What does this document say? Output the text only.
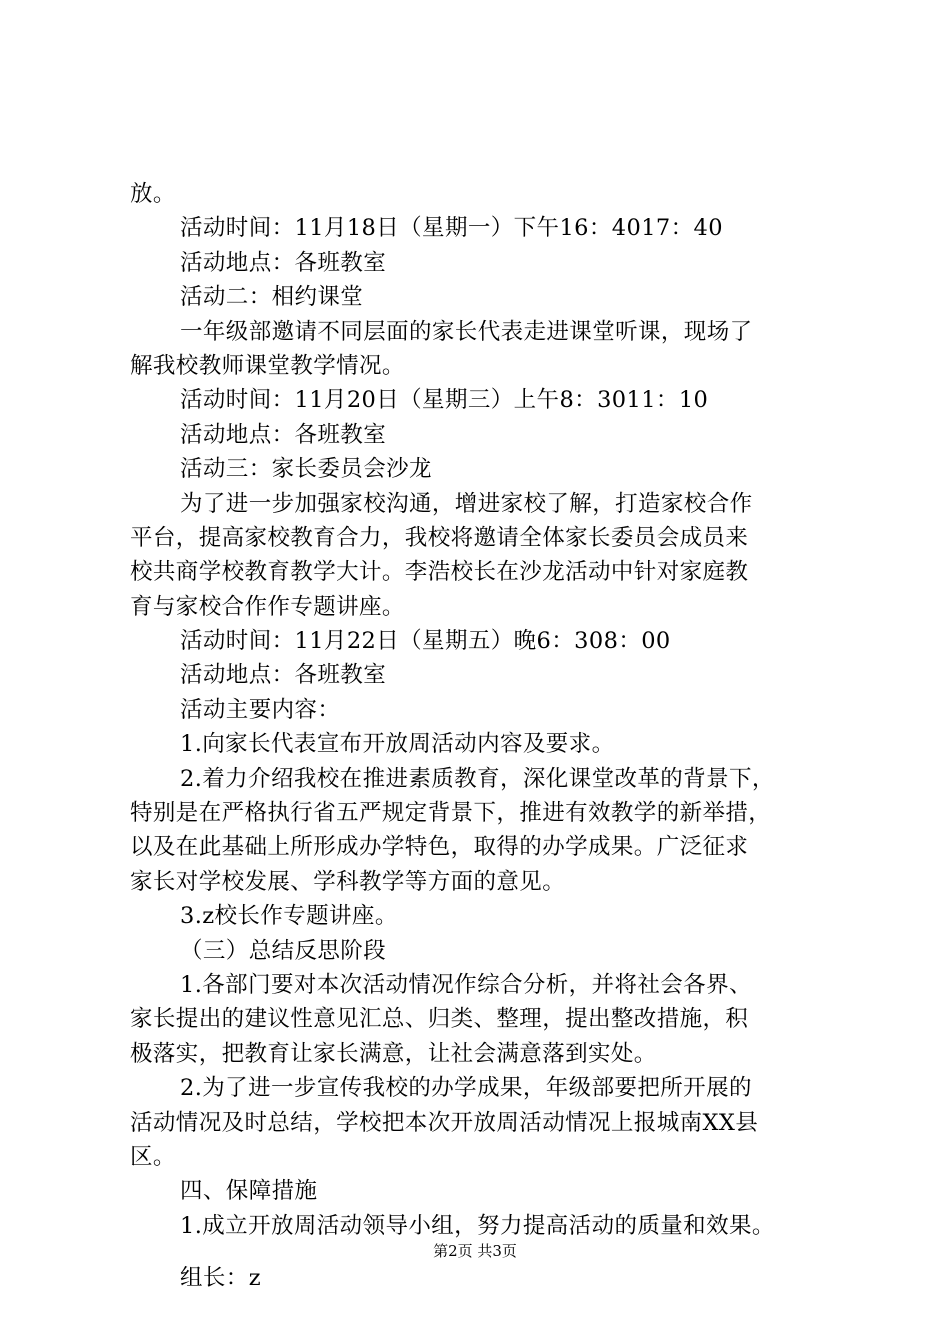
放。
活动时间：11月18日（星期一）下午16：4017：40
活动地点：各班教室
活动二：相约课堂
一年级部邀请不同层面的家长代表走进课堂听课，现场了
解我校教师课堂教学情况。
活动时间：11月20日（星期三）上午8：3011：10
活动地点：各班教室
活动三：家长委员会沙龙
为了进一步加强家校沟通，增进家校了解，打造家校合作
平台，提高家校教育合力，我校将邀请全体家长委员会成员来
校共商学校教育教学大计。李浩校长在沙龙活动中针对家庭教
育与家校合作作专题讲座。
活动时间：11月22日（星期五）晚6：308：00
活动地点：各班教室
活动主要内容：
1.向家长代表宣布开放周活动内容及要求。
2.着力介绍我校在推进素质教育，深化课堂改革的背景下，
特别是在严格执行省五严规定背景下，推进有效教学的新举措，
以及在此基础上所形成办学特色，取得的办学成果。广泛征求
家长对学校发展、学科教学等方面的意见。
3.z校长作专题讲座。
（三）总结反思阶段
1.各部门要对本次活动情况作综合分析，并将社会各界、
家长提出的建议性意见汇总、归类、整理，提出整改措施，积
极落实，把教育让家长满意，让社会满意落到实处。
2.为了进一步宣传我校的办学成果，年级部要把所开展的
活动情况及时总结，学校把本次开放周活动情况上报城南XX县
区。
四、保障措施
1.成立开放周活动领导小组，努力提高活动的质量和效果。
组长：z
第2页 共3页
